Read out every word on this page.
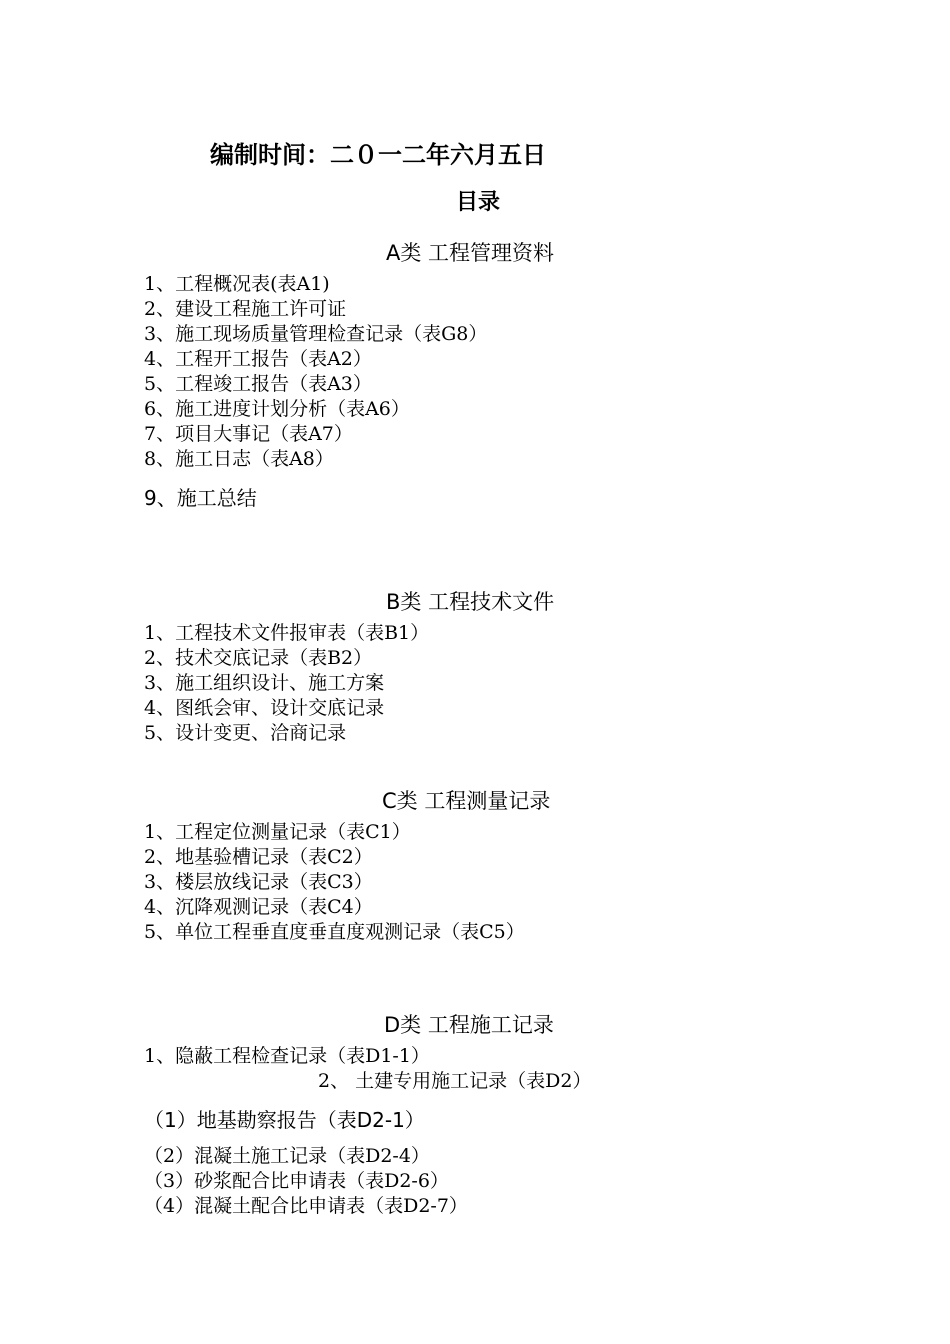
编制时间：二０一二年六月五日
目录
A类 工程管理资料
1、工程概况表(表A1)
2、建设工程施工许可证
3、施工现场质量管理检查记录（表G8）
4、工程开工报告（表A2）
5、工程竣工报告（表A3）
6、施工进度计划分析（表A6）
7、项目大事记（表A7）
8、施工日志（表A8）
9、施工总结
B类 工程技术文件
1、工程技术文件报审表（表B1）
2、技术交底记录（表B2）
3、施工组织设计、施工方案
4、图纸会审、设计交底记录
5、设计变更、洽商记录
C类 工程测量记录
1、工程定位测量记录（表C1）
2、地基验槽记录（表C2）
3、楼层放线记录（表C3）
4、沉降观测记录（表C4）
5、单位工程垂直度垂直度观测记录（表C5）
D类 工程施工记录
1、隐蔽工程检查记录（表D1-1）
2、 土建专用施工记录（表D2）
（1）地基勘察报告（表D2-1）
（2）混凝土施工记录（表D2-4）
（3）砂浆配合比申请表（表D2-6）
（4）混凝土配合比申请表（表D2-7）
